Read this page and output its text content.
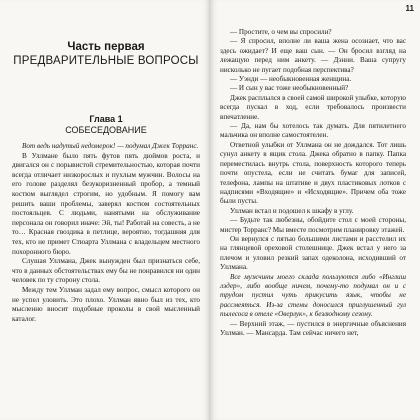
Часть первая

ПРЕДВАРИТЕЛЬНЫЕ ВОПРОСЫ

Глава 1

СОБЕСЕДОВАНИЕ

Вот ведь надутый недомерок! — подумал Джек Торранс.

В Уллмане было пять футов пять дюймов роста, и двигался он с порывистой стремительностью, которая почти всегда отличает низкорослых и пухлым мужчин. Волосы на его голове разделял безукоризненный пробор, а темный костюм выглядел строгим, но удобным. Я помогу вам решить ваши проблемы, заверял костюм состоятельных постояльцев. С людьми, нанятыми на обслуживание персонала он говорил иначе: Эй, ты! Работай на совесть, а не то… Красная гвоздика в петлице, вероятно, тогдашняя для тех, кто не примет Стюарта Уллмана с владельцем местного похоронного бюро.

Слушая Уллмана, Джек вынужден был признаться себе, что в данных обстоятельствах ему бы не понравился ни один человек по ту сторону стола.

Между тем Уллман задал ему вопрос, смысл которого он не успел уловить. Это плохо. Уллман явно был из тех, кто мысленно вносит подобные проколы в свой мысленный каталог.

11

— Простите, о чем вы спросили?

— Я спросил, вполне ли ваша жена осознает, что вас здесь ожидает? И еще ваш сын. — Он бросил взгляд на лежащую перед ним анкету. — Дэнни. Ваша супругу нисколько не пугает подобная перспектива?

— Уэнди — необыкновенная женщина.

— И сын у вас тоже необыкновенный?

Джек расплылся в своей самой широкой улыбке, которую всегда пускал в ход, если требовалось произвести впечатление.

— Да, нам бы хотелось так думать. Для пятилетнего мальчика он вполне самостоятелен.

Ответной улыбки от Уллмана он не дождался. Тот лишь сунул анкету в ящик стола. Джека обратно в папку. Папка переместилась внутрь стола, поверхность которого теперь почти опустела, если не считать бумаг для записей, телефона, лампы на штативе и двух пластиковых лотков с надписями «Входящие» и «Исходящие». Причем оба тоже были пусты.

Уллман встал и подошел к шкафу в углу.

— Будьте так любезны, обойдите стол с моей стороны, мистер Торранс? Мы вместе посмотрим планировку этажей.

Он вернулся с пятью большими листами и расстелил их на глянцевой ореховой столешнице. Джек встал у него за плечом и уловил резкий запах одеколона, исходивший от Уллмана.

Все мужчины моего склада пользуются либо «Инглиш лэдер», либо вообще ничем, почему-то подумал он и с трудом пустил чуть прикусить язык, чтобы не рассмеяться. Из-за стены доносился приглушенный гул пылесоса в отеле «Оверлук», к безлюдному сезону.

— Верхний этаж, — пустился в энергичные объяснения Уллман. — Мансарда. Там сейчас ничего нет,
